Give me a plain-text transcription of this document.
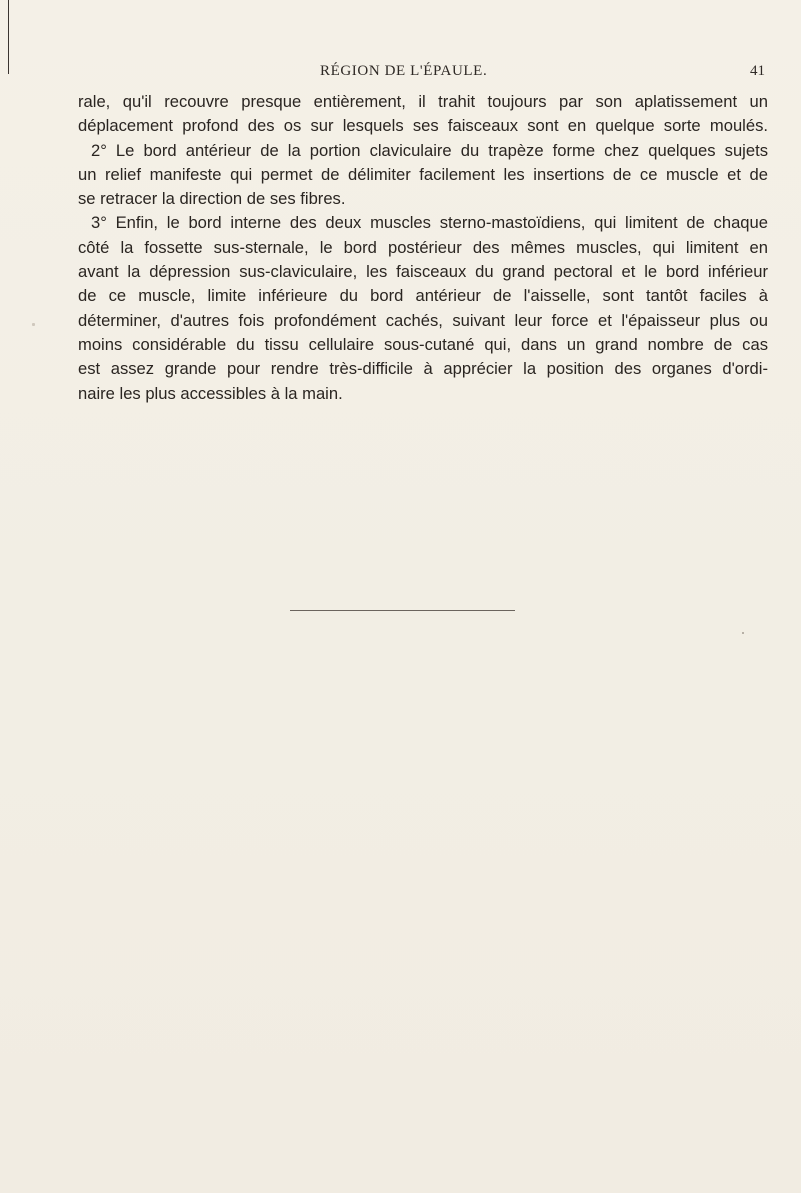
RÉGION DE L'ÉPAULE.	41
rale, qu'il recouvre presque entièrement, il trahit toujours par son aplatissement un
déplacement profond des os sur lesquels ses faisceaux sont en quelque sorte moulés.
2° Le bord antérieur de la portion claviculaire du trapèze forme chez quelques sujets
un relief manifeste qui permet de délimiter facilement les insertions de ce muscle et de
se retracer la direction de ses fibres.
3° Enfin, le bord interne des deux muscles sterno-mastoïdiens, qui limitent de chaque
côté la fossette sus-sternale, le bord postérieur des mêmes muscles, qui limitent en
avant la dépression sus-claviculaire, les faisceaux du grand pectoral et le bord inférieur
de ce muscle, limite inférieure du bord antérieur de l'aisselle, sont tantôt faciles à
déterminer, d'autres fois profondément cachés, suivant leur force et l'épaisseur plus ou
moins considérable du tissu cellulaire sous-cutané qui, dans un grand nombre de cas
est assez grande pour rendre très-difficile à apprécier la position des organes d'ordi-
naire les plus accessibles à la main.
